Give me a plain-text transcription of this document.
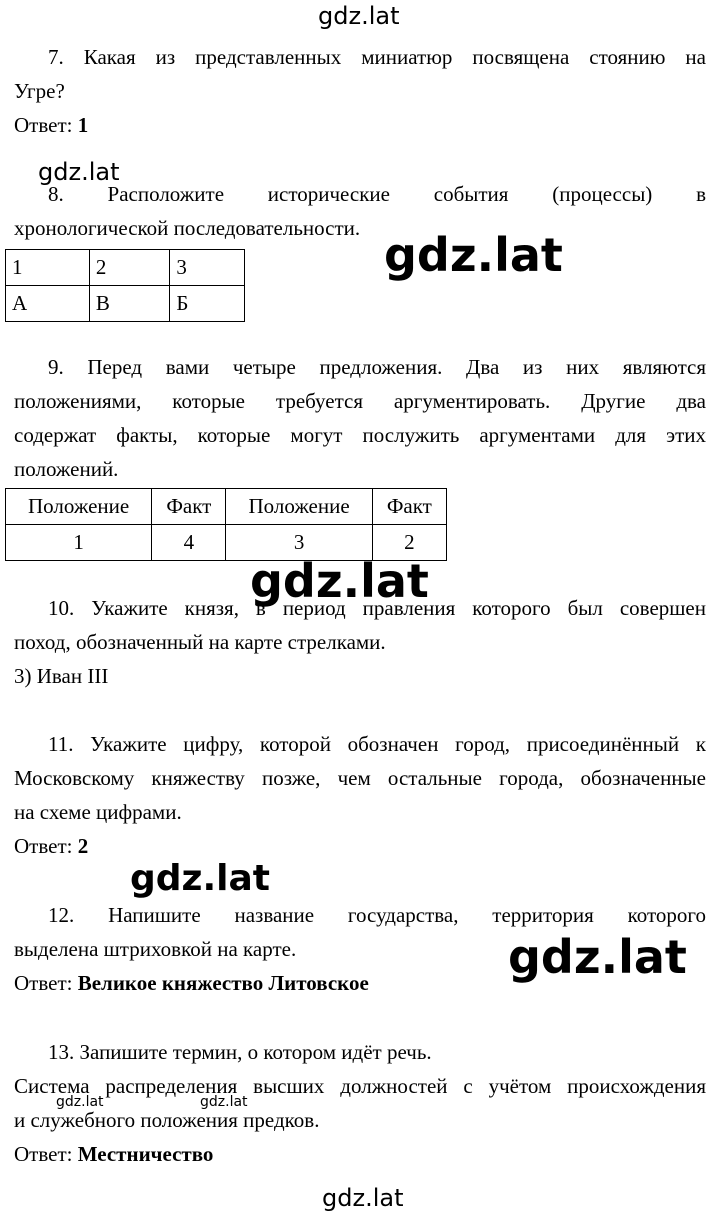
gdz.lat
gdz.lat
gdz.lat
gdz.lat
gdz.lat
gdz.lat
gdz.lat	gdz.lat
gdz.lat
7. Какая из представленных миниатюр посвящена стоянию на
Угре?
Ответ: 1
8. Расположите исторические события (процессы) в
хронологической последовательности.
1	2	3
А	В	Б
9. Перед вами четыре предложения. Два из них являются
положениями, которые требуется аргументировать. Другие два
содержат факты, которые могут послужить аргументами для этих
положений.
Положение	Факт	Положение	Факт
1	4	3	2
10. Укажите князя, в период правления которого был совершен
поход, обозначенный на карте стрелками.
3) Иван III
11. Укажите цифру, которой обозначен город, присоединённый к
Московскому княжеству позже, чем остальные города, обозначенные
на схеме цифрами.
Ответ: 2
12. Напишите название государства, территория которого
выделена штриховкой на карте.
Ответ: Великое княжество Литовское
13. Запишите термин, о котором идёт речь.
Система распределения высших должностей с учётом происхождения
и служебного положения предков.
Ответ: Местничество
